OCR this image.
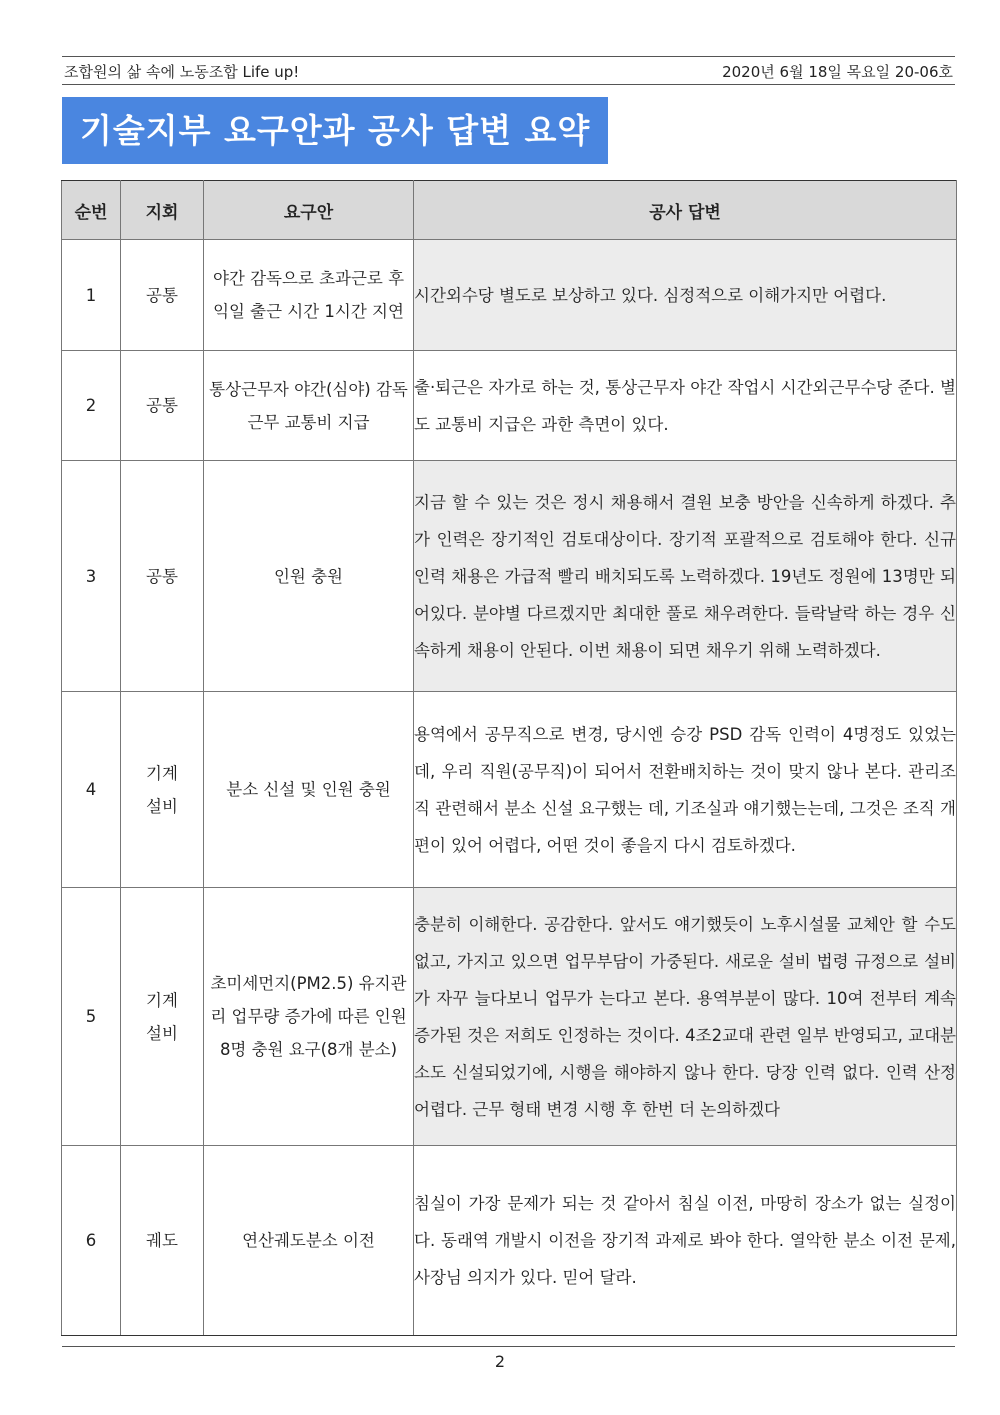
조합원의 삶 속에 노동조합 Life up!	2020년 6월 18일 목요일 20-06호
기술지부 요구안과 공사 답변 요약
순번	지회	요구안	공사 답변
1	공통	야간 감독으로 초과근로 후 익일 출근 시간 1시간 지연	시간외수당 별도로 보상하고 있다. 심정적으로 이해가지만 어렵다.
2	공통	통상근무자 야간(심야) 감독근무 교통비 지급	출·퇴근은 자가로 하는 것, 통상근무자 야간 작업시 시간외근무수당 준다. 별도 교통비 지급은 과한 측면이 있다.
3	공통	인원 충원	지금 할 수 있는 것은 정시 채용해서 결원 보충 방안을 신속하게 하겠다. 추가 인력은 장기적인 검토대상이다. 장기적 포괄적으로 검토해야 한다. 신규인력 채용은 가급적 빨리 배치되도록 노력하겠다. 19년도 정원에 13명만 되어있다. 분야별 다르겠지만 최대한 풀로 채우려한다. 들락날락 하는 경우 신속하게 채용이 안된다. 이번 채용이 되면 채우기 위해 노력하겠다.
4	기계 설비	분소 신설 및 인원 충원	용역에서 공무직으로 변경, 당시엔 승강 PSD 감독 인력이 4명정도 있었는 데, 우리 직원(공무직)이 되어서 전환배치하는 것이 맞지 않나 본다. 관리조직 관련해서 분소 신설 요구했는 데, 기조실과 얘기했는는데, 그것은 조직 개편이 있어 어렵다, 어떤 것이 좋을지 다시 검토하겠다.
5	기계 설비	초미세먼지(PM2.5) 유지관리 업무량 증가에 따른 인원 8명 충원 요구(8개 분소)	충분히 이해한다. 공감한다. 앞서도 얘기했듯이 노후시설물 교체안 할 수도 없고, 가지고 있으면 업무부담이 가중된다. 새로운 설비 법령 규정으로 설비가 자꾸 늘다보니 업무가 는다고 본다. 용역부분이 많다. 10여 전부터 계속 증가된 것은 저희도 인정하는 것이다. 4조2교대 관련 일부 반영되고, 교대분소도 신설되었기에, 시행을 해야하지 않나 한다. 당장 인력 없다. 인력 산정 어렵다. 근무 형태 변경 시행 후 한번 더 논의하겠다
6	궤도	연산궤도분소 이전	침실이 가장 문제가 되는 것 같아서 침실 이전, 마땅히 장소가 없는 실정이다. 동래역 개발시 이전을 장기적 과제로 봐야 한다. 열악한 분소 이전 문제, 사장님 의지가 있다. 믿어 달라.
2
